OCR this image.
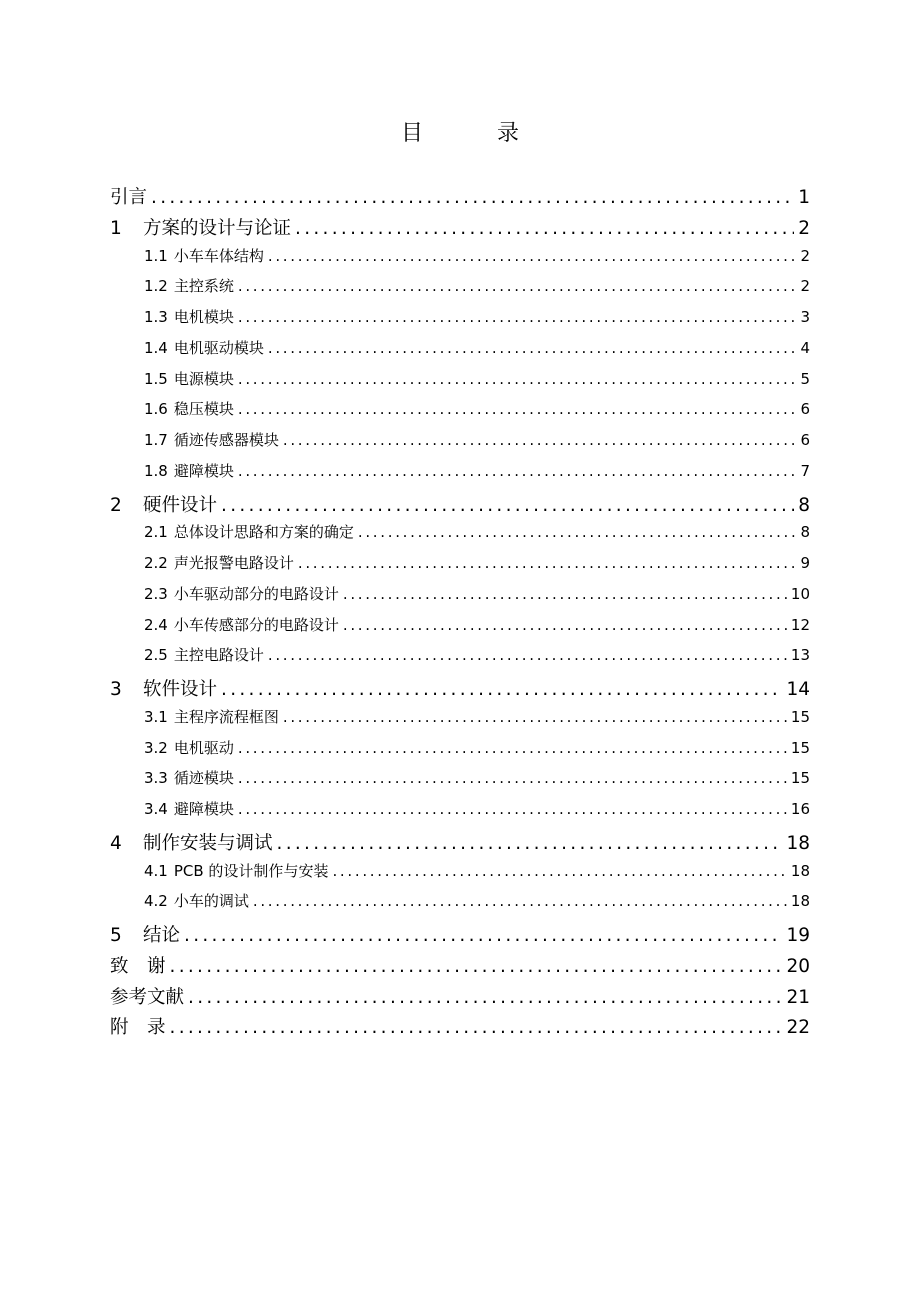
目　录
引言 .....	1
1	方案的设计与论证 .....	2
1.1 小车车体结构 .....	2
1.2 主控系统 .....	2
1.3 电机模块 .....	3
1.4 电机驱动模块 .....	4
1.5 电源模块 .....	5
1.6 稳压模块 .....	6
1.7 循迹传感器模块 .....	6
1.8 避障模块 .....	7
2	硬件设计 .....	8
2.1 总体设计思路和方案的确定 .....	8
2.2 声光报警电路设计 .....	9
2.3 小车驱动部分的电路设计 .....	10
2.4 小车传感部分的电路设计 .....	12
2.5 主控电路设计 .....	13
3	软件设计 .....	14
3.1 主程序流程框图 .....	15
3.2 电机驱动 .....	15
3.3 循迹模块 .....	15
3.4 避障模块 .....	16
4	制作安装与调试 .....	18
4.1 PCB 的设计制作与安装 .....	18
4.2 小车的调试 .....	18
5	结论 .....	19
致　谢 .....	20
参考文献 .....	21
附　录 .....	22
